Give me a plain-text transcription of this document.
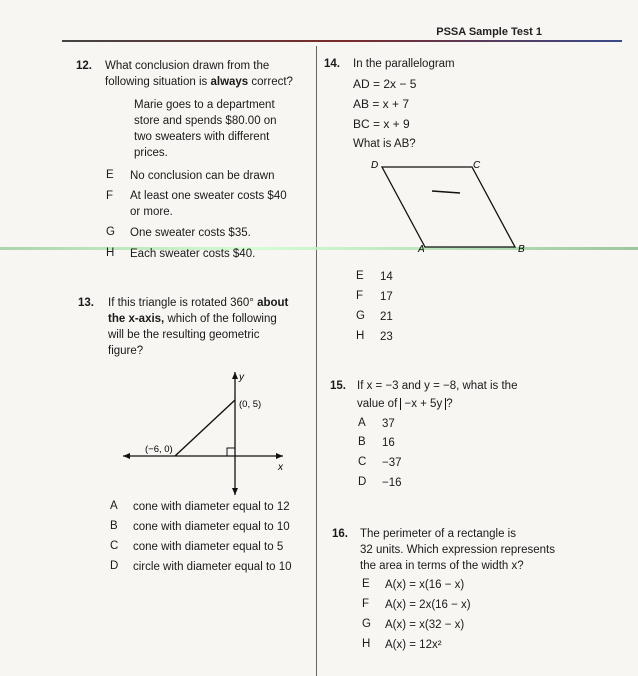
PSSA Sample Test 1
12. What conclusion drawn from the following situation is always correct?
Marie goes to a department
store and spends $80.00 on
two sweaters with different
prices.
E No conclusion can be drawn
F At least one sweater costs $40
or more.
G One sweater costs $35.
H Each sweater costs $40.
13. If this triangle is rotated 360° about
the x-axis, which of the following
will be the resulting geometric
figure?
y
x
(0, 5)
(−6, 0)
A cone with diameter equal to 12
B cone with diameter equal to 10
C cone with diameter equal to 5
D circle with diameter equal to 10
14. In the parallelogram
AD = 2x − 5
AB = x + 7
BC = x + 9
What is AB?
D	C
A	B
E 14
F 17
G 21
H 23
15. If x = −3 and y = −8, what is the
value of −x + 5y ?
A 37
B 16
C −37
D −16
16. The perimeter of a rectangle is
32 units. Which expression represents
the area in terms of the width x?
E A(x) = x(16 − x)
F A(x) = 2x(16 − x)
G A(x) = x(32 − x)
H A(x) = 12x²
